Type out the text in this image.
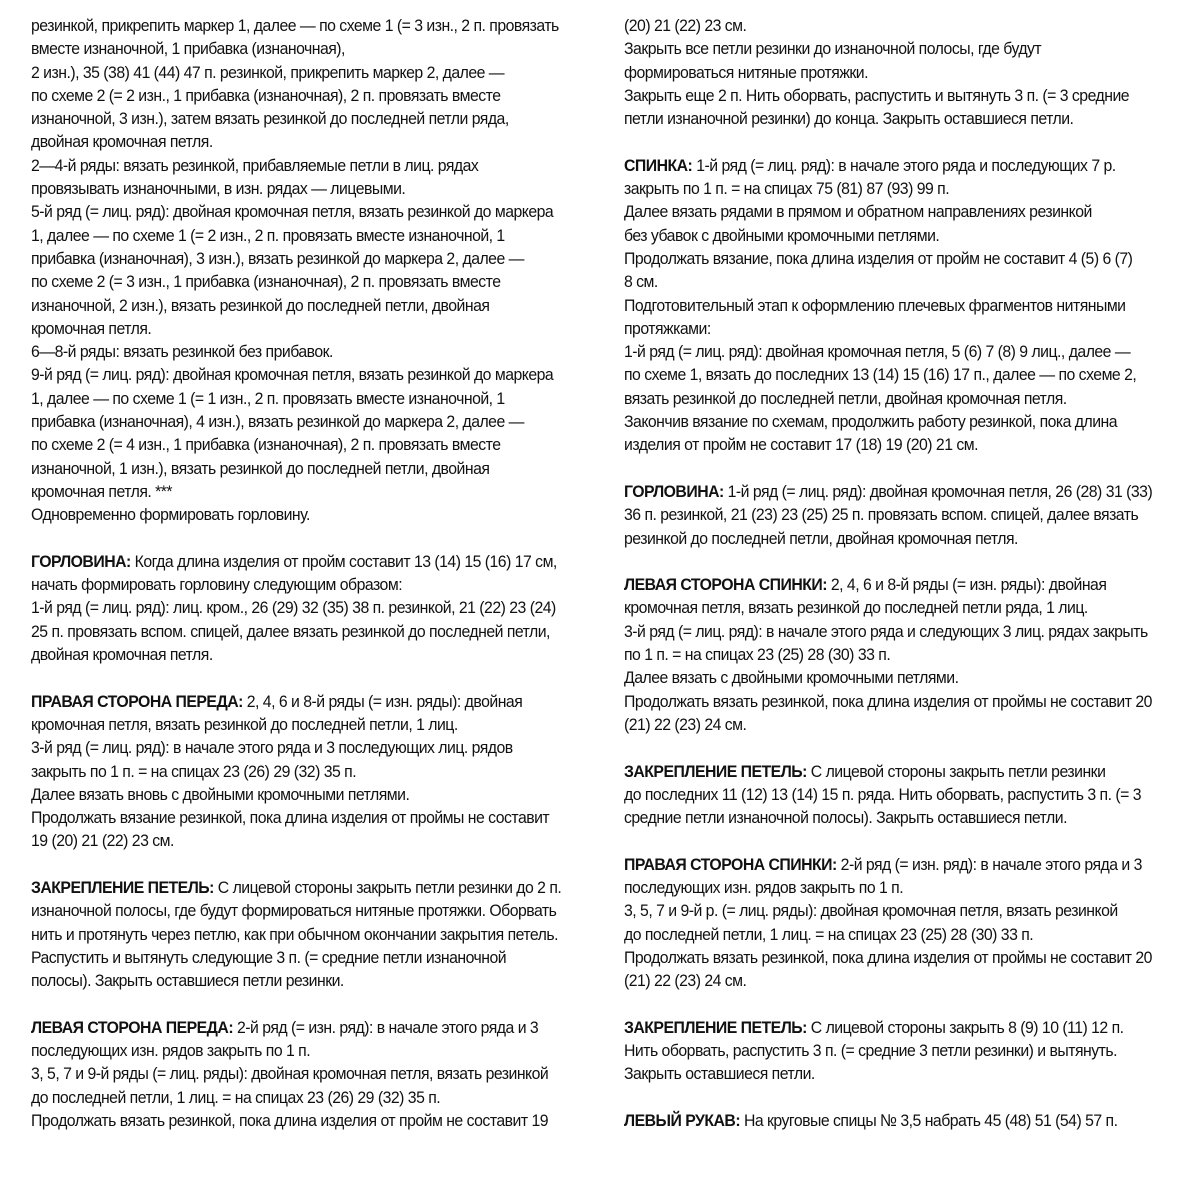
резинкой, прикрепить маркер 1, далее — по схеме 1 (= 3 изн., 2 п. провязать

вместе изнаночной, 1 прибавка (изнаночная),

2 изн.), 35 (38) 41 (44) 47 п. резинкой, прикрепить маркер 2, далее —

по схеме 2 (= 2 изн., 1 прибавка (изнаночная), 2 п. провязать вместе

изнаночной, 3 изн.), затем вязать резинкой до последней петли ряда,

двойная кромочная петля.

2—4-й ряды: вязать резинкой, прибавляемые петли в лиц. рядах

провязывать изнаночными, в изн. рядах — лицевыми.

5-й ряд (= лиц. ряд): двойная кромочная петля, вязать резинкой до маркера

1, далее — по схеме 1 (= 2 изн., 2 п. провязать вместе изнаночной, 1

прибавка (изнаночная), 3 изн.), вязать резинкой до маркера 2, далее —

по схеме 2 (= 3 изн., 1 прибавка (изнаночная), 2 п. провязать вместе

изнаночной, 2 изн.), вязать резинкой до последней петли, двойная

кромочная петля.

6—8-й ряды: вязать резинкой без прибавок.

9-й ряд (= лиц. ряд): двойная кромочная петля, вязать резинкой до маркера

1, далее — по схеме 1 (= 1 изн., 2 п. провязать вместе изнаночной, 1

прибавка (изнаночная), 4 изн.), вязать резинкой до маркера 2, далее —

по схеме 2 (= 4 изн., 1 прибавка (изнаночная), 2 п. провязать вместе

изнаночной, 1 изн.), вязать резинкой до последней петли, двойная

кромочная петля. ***

Одновременно формировать горловину.

ГОРЛОВИНА: Когда длина изделия от пройм составит 13 (14) 15 (16) 17 см,

начать формировать горловину следующим образом:

1-й ряд (= лиц. ряд): лиц. кром., 26 (29) 32 (35) 38 п. резинкой, 21 (22) 23 (24)

25 п. провязать вспом. спицей, далее вязать резинкой до последней петли,

двойная кромочная петля.

ПРАВАЯ СТОРОНА ПЕРЕДА: 2, 4, 6 и 8-й ряды (= изн. ряды): двойная

кромочная петля, вязать резинкой до последней петли, 1 лиц.

3-й ряд (= лиц. ряд): в начале этого ряда и 3 последующих лиц. рядов

закрыть по 1 п. = на спицах 23 (26) 29 (32) 35 п.

Далее вязать вновь с двойными кромочными петлями.

Продолжать вязание резинкой, пока длина изделия от проймы не составит

19 (20) 21 (22) 23 см.

ЗАКРЕПЛЕНИЕ ПЕТЕЛЬ: С лицевой стороны закрыть петли резинки до 2 п.

изнаночной полосы, где будут формироваться нитяные протяжки. Оборвать

нить и протянуть через петлю, как при обычном окончании закрытия петель.

Распустить и вытянуть следующие 3 п. (= средние петли изнаночной

полосы). Закрыть оставшиеся петли резинки.

ЛЕВАЯ СТОРОНА ПЕРЕДА: 2-й ряд (= изн. ряд): в начале этого ряда и 3

последующих изн. рядов закрыть по 1 п.

3, 5, 7 и 9-й ряды (= лиц. ряды): двойная кромочная петля, вязать резинкой

до последней петли, 1 лиц. = на спицах 23 (26) 29 (32) 35 п.

Продолжать вязать резинкой, пока длина изделия от пройм не составит 19

(20) 21 (22) 23 см.

Закрыть все петли резинки до изнаночной полосы, где будут

формироваться нитяные протяжки.

Закрыть еще 2 п. Нить оборвать, распустить и вытянуть 3 п. (= 3 средние

петли изнаночной резинки) до конца. Закрыть оставшиеся петли.

СПИНКА: 1-й ряд (= лиц. ряд): в начале этого ряда и последующих 7 р.

закрыть по 1 п. = на спицах 75 (81) 87 (93) 99 п.

Далее вязать рядами в прямом и обратном направлениях резинкой

без убавок с двойными кромочными петлями.

Продолжать вязание, пока длина изделия от пройм не составит 4 (5) 6 (7)

8 см.

Подготовительный этап к оформлению плечевых фрагментов нитяными

протяжками:

1-й ряд (= лиц. ряд): двойная кромочная петля, 5 (6) 7 (8) 9 лиц., далее —

по схеме 1, вязать до последних 13 (14) 15 (16) 17 п., далее — по схеме 2,

вязать резинкой до последней петли, двойная кромочная петля.

Закончив вязание по схемам, продолжить работу резинкой, пока длина

изделия от пройм не составит 17 (18) 19 (20) 21 см.

ГОРЛОВИНА: 1-й ряд (= лиц. ряд): двойная кромочная петля, 26 (28) 31 (33)

36 п. резинкой, 21 (23) 23 (25) 25 п. провязать вспом. спицей, далее вязать

резинкой до последней петли, двойная кромочная петля.

ЛЕВАЯ СТОРОНА СПИНКИ: 2, 4, 6 и 8-й ряды (= изн. ряды): двойная

кромочная петля, вязать резинкой до последней петли ряда, 1 лиц.

3-й ряд (= лиц. ряд): в начале этого ряда и следующих 3 лиц. рядах закрыть

по 1 п. = на спицах 23 (25) 28 (30) 33 п.

Далее вязать с двойными кромочными петлями.

Продолжать вязать резинкой, пока длина изделия от проймы не составит 20

(21) 22 (23) 24 см.

ЗАКРЕПЛЕНИЕ ПЕТЕЛЬ: С лицевой стороны закрыть петли резинки

до последних 11 (12) 13 (14) 15 п. ряда. Нить оборвать, распустить 3 п. (= 3

средние петли изнаночной полосы). Закрыть оставшиеся петли.

ПРАВАЯ СТОРОНА СПИНКИ: 2-й ряд (= изн. ряд): в начале этого ряда и 3

последующих изн. рядов закрыть по 1 п.

3, 5, 7 и 9-й р. (= лиц. ряды): двойная кромочная петля, вязать резинкой

до последней петли, 1 лиц. = на спицах 23 (25) 28 (30) 33 п.

Продолжать вязать резинкой, пока длина изделия от проймы не составит 20

(21) 22 (23) 24 см.

ЗАКРЕПЛЕНИЕ ПЕТЕЛЬ: С лицевой стороны закрыть 8 (9) 10 (11) 12 п.

Нить оборвать, распустить 3 п. (= средние 3 петли резинки) и вытянуть.

Закрыть оставшиеся петли.

ЛЕВЫЙ РУКАВ: На круговые спицы № 3,5 набрать 45 (48) 51 (54) 57 п.
